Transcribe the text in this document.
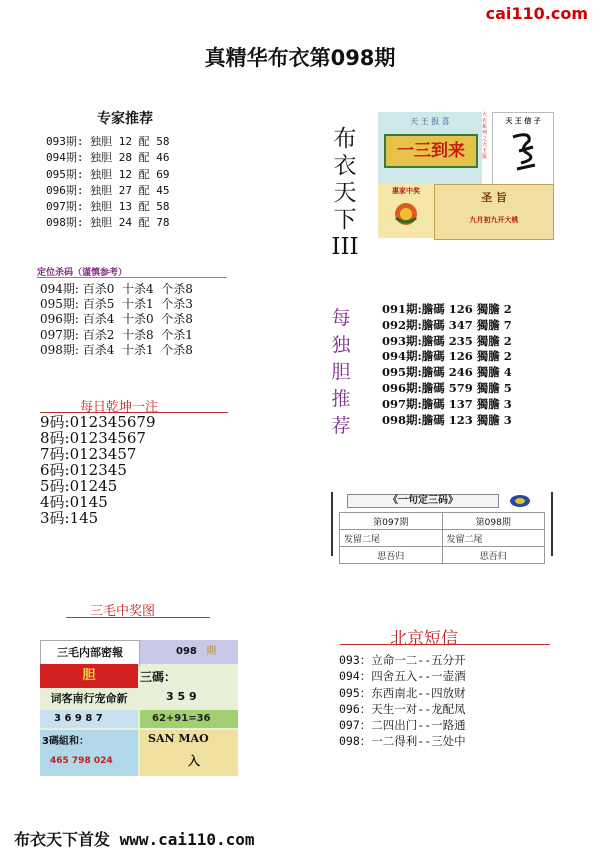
cai110.com
真精华布衣第098期
专家推荐
093期: 独胆 12 配 58
094期: 独胆 28 配 46
095期: 独胆 12 配 69
096期: 独胆 27 配 45
097期: 独胆 13 配 58
098期: 独胆 24 配 78
定位杀码（谨慎参考）
094期: 百杀0  十杀4  个杀8
095期: 百杀5  十杀1  个杀3
096期: 百杀4  十杀0  个杀8
097期: 百杀2  十杀8  个杀1
098期: 百杀4  十杀1  个杀8
每日乾坤一注
9码:012345679
8码:01234567
7码:0123457
6码:012345
5码:01245
4码:0145
3码:145
布
衣
天
下
III
天 王 报 喜
一三到来
大衣系列之天王报
天 王 信 子
惠家中奖	圣 旨
九月初九开大桃
每
独
胆
推
荐
091期:膽碼 126 獨膽 2
092期:膽碼 347 獨膽 7
093期:膽碼 235 獨膽 2
094期:膽碼 126 獨膽 2
095期:膽碼 246 獨膽 4
096期:膽碼 579 獨膽 5
097期:膽碼 137 獨膽 3
098期:膽碼 123 獨膽 3
《一句定三码》
第097期	第098期
发留二尾	发留二尾
思吾归	思吾归
三毛中奖图
三毛内部密報	098 期
胆	三碼：
词客南行宠命新	3 5 9
3 6 9 8 7	62+91=36
3碼組和：
465 798 024
SAN MAO
入
北京短信
093：立命一二--五分开
094：四舍五入--一壶酒
095：东西南北--四放财
096：天生一对--龙配凤
097：二四出门--一路通
098：一二得利--三处中
布衣天下首发 www.cai110.com
